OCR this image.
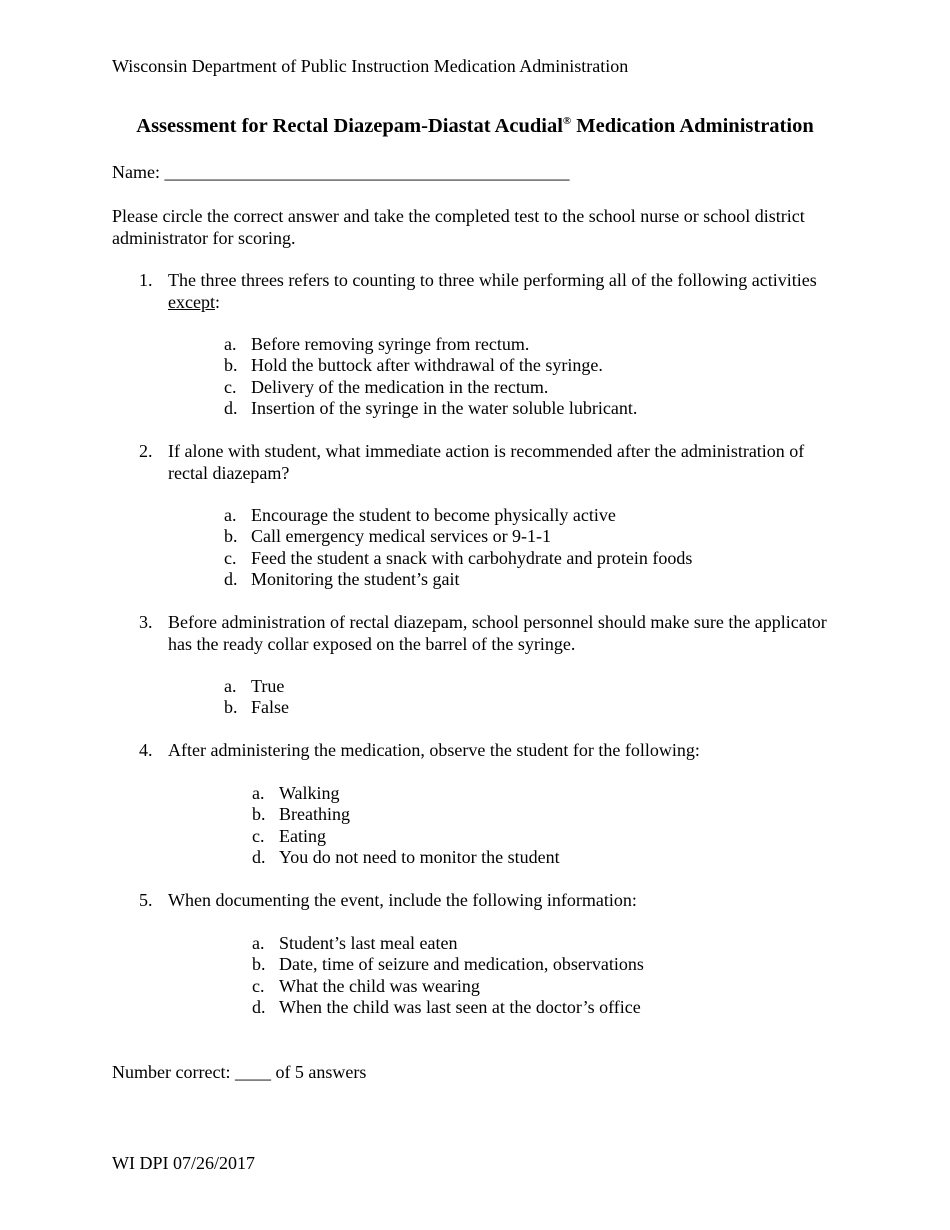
Wisconsin Department of Public Instruction Medication Administration

Assessment for Rectal Diazepam-Diastat Acudial® Medication Administration

Name: _____________________________________________

Please circle the correct answer and take the completed test to the school nurse or school district administrator for scoring.

1. The three threes refers to counting to three while performing all of the following activities except:
a. Before removing syringe from rectum.
b. Hold the buttock after withdrawal of the syringe.
c. Delivery of the medication in the rectum.
d. Insertion of the syringe in the water soluble lubricant.
2. If alone with student, what immediate action is recommended after the administration of rectal diazepam?
a. Encourage the student to become physically active
b. Call emergency medical services or 9-1-1
c. Feed the student a snack with carbohydrate and protein foods
d. Monitoring the student’s gait
3. Before administration of rectal diazepam, school personnel should make sure the applicator has the ready collar exposed on the barrel of the syringe.
a. True
b. False
4. After administering the medication, observe the student for the following:
a. Walking
b. Breathing
c. Eating
d. You do not need to monitor the student
5. When documenting the event, include the following information:
a. Student’s last meal eaten
b. Date, time of seizure and medication, observations
c. What the child was wearing
d. When the child was last seen at the doctor’s office

Number correct: ____ of 5 answers

WI DPI 07/26/2017
